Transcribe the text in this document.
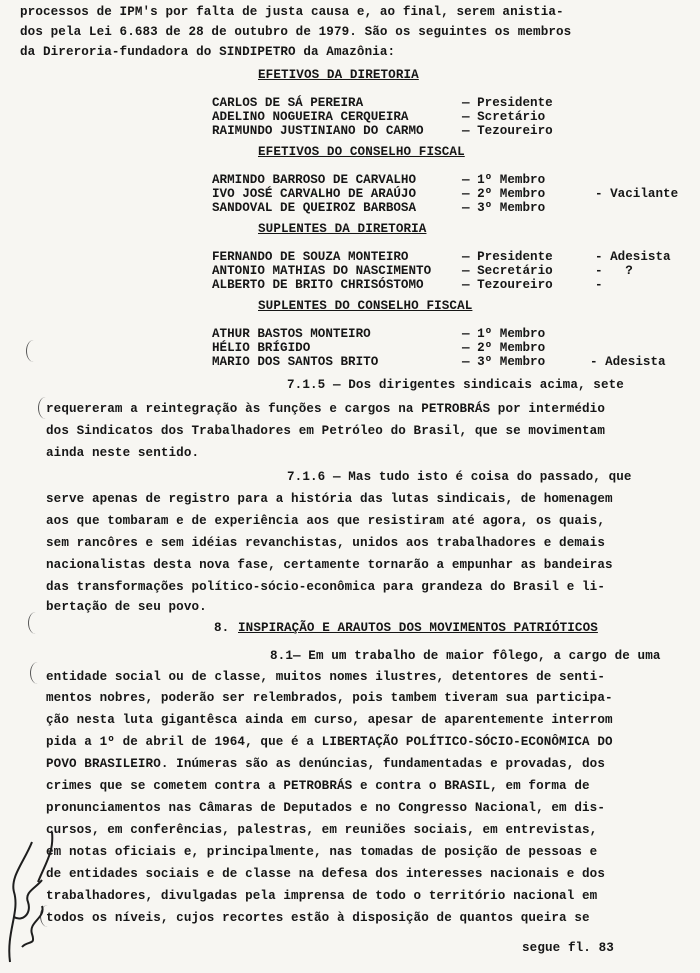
processos de IPM's por falta de justa causa e, ao final, serem anistia-
dos pela Lei 6.683 de 28 de outubro de 1979. São os seguintes os membros
da Direroria-fundadora do SINDIPETRO da Amazônia:
EFETIVOS DA DIRETORIA
CARLOS DE SÁ PEREIRA	— Presidente
ADELINO NOGUEIRA CERQUEIRA	— Scretário
RAIMUNDO JUSTINIANO DO CARMO	— Tezoureiro
EFETIVOS DO CONSELHO FISCAL
ARMINDO BARROSO DE CARVALHO	— 1º Membro
IVO JOSÉ CARVALHO DE ARAÚJO	— 2º Membro	- Vacilante
SANDOVAL DE QUEIROZ BARBOSA	— 3º Membro
SUPLENTES DA DIRETORIA
FERNANDO DE SOUZA MONTEIRO	— Presidente	- Adesista
ANTONIO MATHIAS DO NASCIMENTO — Secretário	-   ?
ALBERTO DE BRITO CHRISÓSTOMO	— Tezoureiro	-
SUPLENTES DO CONSELHO FISCAL
ATHUR BASTOS MONTEIRO	— 1º Membro
HÉLIO BRÍGIDO	— 2º Membro
MARIO DOS SANTOS BRITO	— 3º Membro	- Adesista
7.1.5 — Dos dirigentes sindicais acima, sete
requereram a reintegração às funções e cargos na PETROBRÁS por intermédio
dos Sindicatos dos Trabalhadores em Petróleo do Brasil, que se movimentam
ainda neste sentido.
7.1.6 — Mas tudo isto é coisa do passado, que
serve apenas de registro para a história das lutas sindicais, de homenagem
aos que tombaram e de experiência aos que resistiram até agora, os quais,
sem rancôres e sem idéias revanchistas, unidos aos trabalhadores e demais
nacionalistas desta nova fase, certamente tornarão a empunhar as bandeiras
das transformações político-sócio-econômica para grandeza do Brasil e li-
bertação de seu povo.
8. INSPIRAÇÃO E ARAUTOS DOS MOVIMENTOS PATRIÓTICOS
8.1— Em um trabalho de maior fôlego, a cargo de uma
entidade social ou de classe, muitos nomes ilustres, detentores de senti-
mentos nobres, poderão ser relembrados, pois tambem tiveram sua participa-
ção nesta luta gigantêsca ainda em curso, apesar de aparentemente interrom
pida a 1º de abril de 1964, que é a LIBERTAÇÃO POLÍTICO-SÓCIO-ECONÔMICA DO
POVO BRASILEIRO. Inúmeras são as denúncias, fundamentadas e provadas, dos
crimes que se cometem contra a PETROBRÁS e contra o BRASIL, em forma de
pronunciamentos nas Câmaras de Deputados e no Congresso Nacional, em dis-
cursos, em conferências, palestras, em reuniões sociais, em entrevistas,
em notas oficiais e, principalmente, nas tomadas de posição de pessoas e
de entidades sociais e de classe na defesa dos interesses nacionais e dos
trabalhadores, divulgadas pela imprensa de todo o território nacional em
todos os níveis, cujos recortes estão à disposição de quantos queira se
segue fl. 83
